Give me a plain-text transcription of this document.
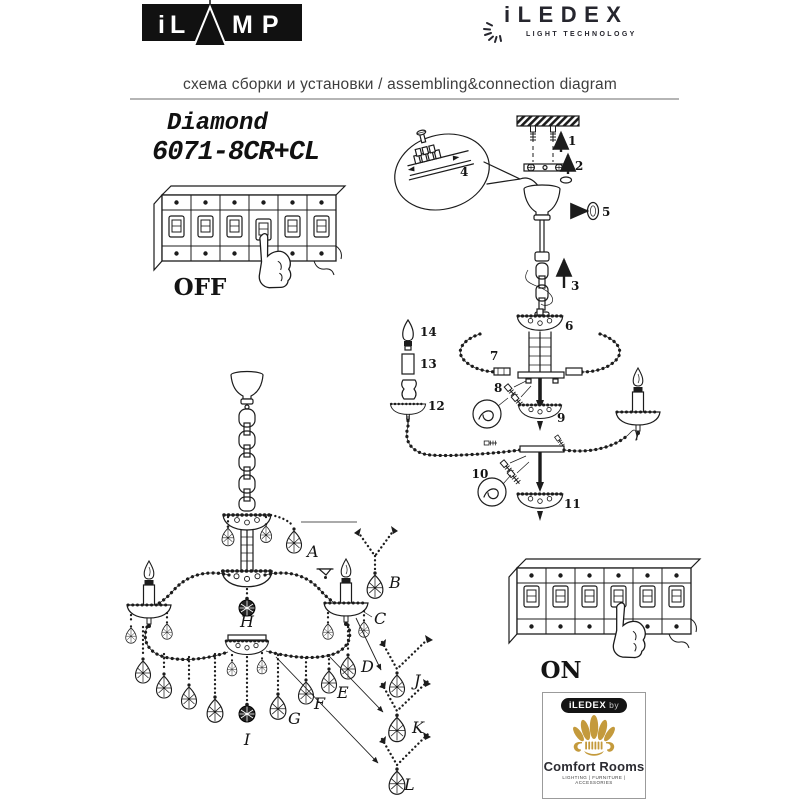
iL MP	iLEDEX
LIGHT TECHNOLOGY
схема сборки и установки / assembling&connection diagram
Diamond
6071-8CR+CL
OFF
1
2
4
5
3
6
7
8
9
14
13
12
10
11
A
H	C
B
I
D
E
F
G
J
K
L
ON
iLEDEX by
Comfort Rooms
LIGHTING | FURNITURE | ACCESSORIES
